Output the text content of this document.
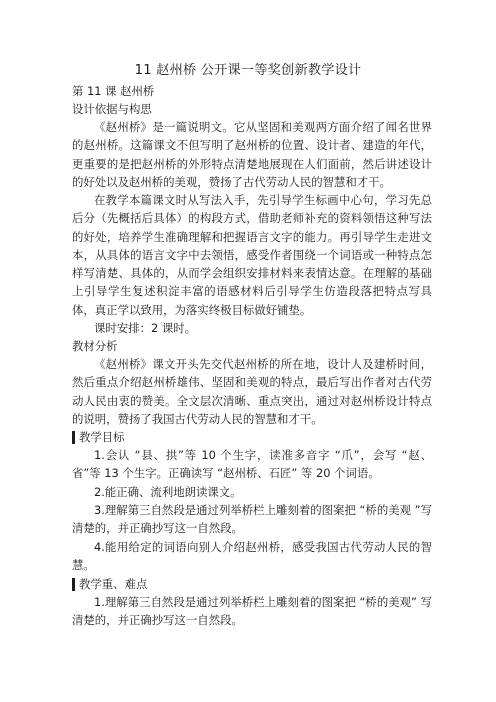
11 赵州桥 公开课一等奖创新教学设计
第 11 课 赵州桥
设计依据与构思

《赵州桥》是一篇说明文。它从坚固和美观两方面介绍了闻名世界的赵州桥。这篇课文不但写明了赵州桥的位置、设计者、建造的年代，更重要的是把赵州桥的外形特点清楚地展现在人们面前，然后讲述设计的好处以及赵州桥的美观，赞扬了古代劳动人民的智慧和才干。

在教学本篇课文时从写法入手，先引导学生标画中心句，学习先总后分（先概括后具体）的构段方式，借助老师补充的资料领悟这种写法的好处，培养学生准确理解和把握语言文字的能力。再引导学生走进文本，从具体的语言文字中去领悟，感受作者围绕一个词语或一种特点怎样写清楚、具体的，从而学会组织安排材料来表情达意。在理解的基础上引导学生复述积淀丰富的语感材料后引导学生仿造段落把特点写具体，真正学以致用，为落实终极目标做好铺垫。

课时安排：2 课时。
教材分析

《赵州桥》课文开头先交代赵州桥的所在地，设计人及建桥时间，然后重点介绍赵州桥雄伟、坚固和美观的特点，最后写出作者对古代劳动人民由衷的赞美。全文层次清晰、重点突出，通过对赵州桥设计特点的说明，赞扬了我国古代劳动人民的智慧和才干。

教学目标

1.会认 “县、拱”等 10 个生字，读准多音字 “爪”，会写 “赵、省”等 13 个生字。正确读写 “赵州桥、石匠” 等 20 个词语。

2.能正确、流利地朗读课文。

3.理解第三自然段是通过列举桥栏上雕刻着的图案把 “桥的美观 ”写清楚的，并正确抄写这一自然段。

4.能用给定的词语向别人介绍赵州桥，感受我国古代劳动人民的智慧。

教学重、难点

1.理解第三自然段是通过列举桥栏上雕刻着的图案把 “桥的美观” 写清楚的，并正确抄写这一自然段。
